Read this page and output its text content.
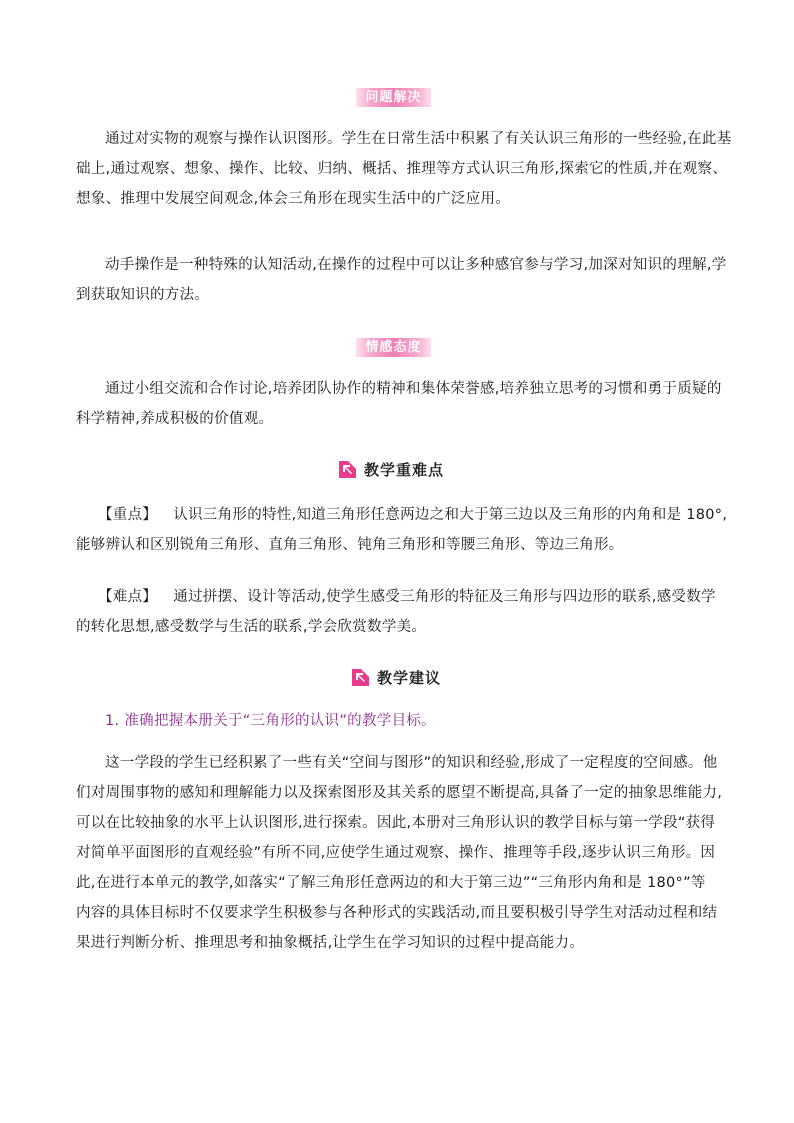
问题解决
通过对实物的观察与操作认识图形。学生在日常生活中积累了有关认识三角形的一些经验,在此基
础上,通过观察、想象、操作、比较、归纳、概括、推理等方式认识三角形,探索它的性质,并在观察、
想象、推理中发展空间观念,体会三角形在现实生活中的广泛应用。
动手操作是一种特殊的认知活动,在操作的过程中可以让多种感官参与学习,加深对知识的理解,学
到获取知识的方法。
情感态度
通过小组交流和合作讨论,培养团队协作的精神和集体荣誉感,培养独立思考的习惯和勇于质疑的
科学精神,养成积极的价值观。
教学重难点
【重点】 认识三角形的特性,知道三角形任意两边之和大于第三边以及三角形的内角和是 180°,
能够辨认和区别锐角三角形、直角三角形、钝角三角形和等腰三角形、等边三角形。
【难点】 通过拼摆、设计等活动,使学生感受三角形的特征及三角形与四边形的联系,感受数学
的转化思想,感受数学与生活的联系,学会欣赏数学美。
教学建议
1. 准确把握本册关于“三角形的认识”的教学目标。
这一学段的学生已经积累了一些有关“空间与图形”的知识和经验,形成了一定程度的空间感。他
们对周围事物的感知和理解能力以及探索图形及其关系的愿望不断提高,具备了一定的抽象思维能力,
可以在比较抽象的水平上认识图形,进行探索。因此,本册对三角形认识的教学目标与第一学段“获得
对简单平面图形的直观经验”有所不同,应使学生通过观察、操作、推理等手段,逐步认识三角形。因
此,在进行本单元的教学,如落实“了解三角形任意两边的和大于第三边”“三角形内角和是 180°”等
内容的具体目标时不仅要求学生积极参与各种形式的实践活动,而且要积极引导学生对活动过程和结
果进行判断分析、推理思考和抽象概括,让学生在学习知识的过程中提高能力。
